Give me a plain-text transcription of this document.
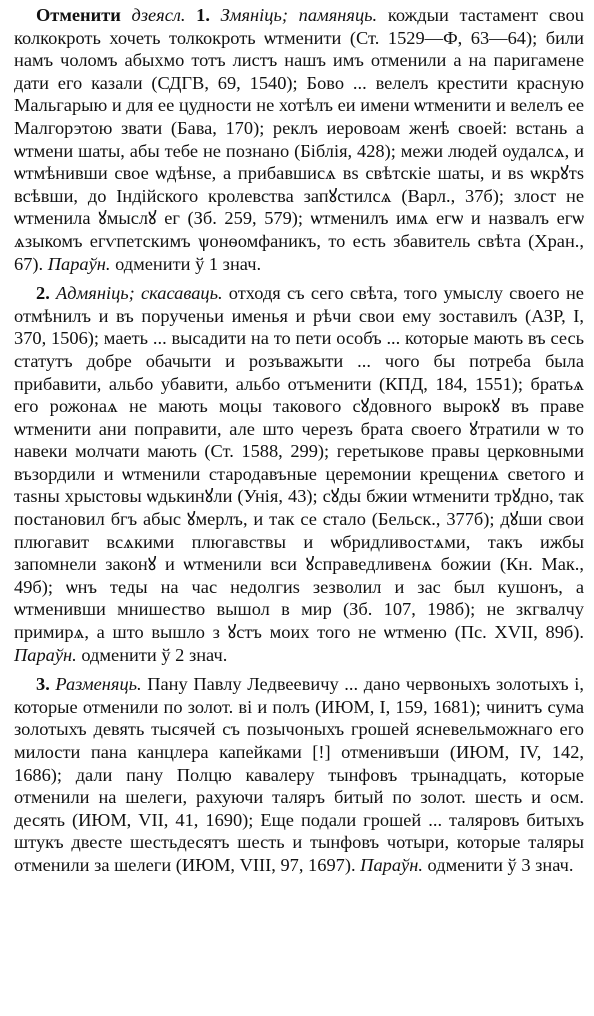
Отменити дзеясл. 1. Змяніць; памяняць. кождыи тастамент своu колкокроть хочеть толкокроть ѡтменити (Ст. 1529—Ф, 63—64); били намъ чоломъ абыхмо тотъ листъ нашъ имъ отменили а на паригамене дати его казали (СДГВ, 69, 1540); Бово ... велелъ крестити красную Мальгарыю и для ее цудности не хотѣлъ еи имени ѡтменити и велелъ ее Малгорэтою звати (Бава, 170); реклъ иеровоам женѣ своей: встань а ѡтмени шаты, абы тебе не познано (Біблія, 428); межи людей оудалсѧ, и ѡтмѣнивши свое ѡдѣнѕe, а прибавшисѧ вѕ свѣтскіе шаты, и вѕ ѡкрꙋтѕ всѣвши, до Індійского кролевства запꙋстилсѧ (Варл., 37б); злост не ѡтменила ꙋмыслꙋ ег (Зб. 259, 579); ѡтменилъ имѧ егѡ и назвалъ егѡ ѧзыкомъ егѵпетскимъ ѱонѳомфаникъ, то есть збавитель свѣта (Хран., 67). Параўн. одменити ў 1 знач.

2. Адмяніць; скасаваць. отходя съ сего свѣта, того умыслу своего не отмѣнилъ и въ порученьи именья и рѣчи свои ему зоставилъ (АЗР, I, 370, 1506); маеть ... высадити на то пети особъ ... которые мають въ сесь статутъ добре обачыти и розъважыти ... чого бы потреба была прибавити, альбо убавити, альбо отъменити (КПД, 184, 1551); братьѧ его рожонаѧ не мають моцы таковогo сꙋдовного вырокꙋ въ праве ѡтменити ани поправити, але што черезъ брата своего ꙋтратили ѡ то навеки молчати мають (Ст. 1588, 299); геретыкове правы церковными възордили и ѡтменили стародавъные церемонии крещениѧ светого и таѕны хрыстовы ѡдькинꙋли (Унія, 43); сꙋды бжии ѡтменити трꙋдно, так постановил бгъ абыс ꙋмерлъ, и так се стало (Бельск., 377б); дꙋши свои плюгавит всѧкими плюгавствы и ѡбридливостѧми, такъ ижбы запомнели законꙋ и ѡтменили вси ꙋсправедливенѧ божии (Кн. Мак., 49б); ѡнъ теды на час недолгиѕ зезволил и зас был кушонъ, а ѡтменивши мнишество вышол в мир (Зб. 107, 198б); не зкгвалчу примирѧ, а што вышло з ꙋстъ моих того не ѡтменю (Пс. XVII, 89б). Параўн. одменити ў 2 знач.

3. Разменяць. Пану Павлу Ледвеевичу ... дано червоныхъ золотыхъ і, которые отменили по золот. ві и полъ (ИЮМ, I, 159, 1681); чинитъ сума золотыхъ девять тысячей съ позычоныхъ грошей ясневельможнагo его милости пана канцлера капейками [!] отменивъши (ИЮМ, IV, 142, 1686); дали пану Полцю кавалеру тынфовъ трынадцать, которые отменили на шелеги, рахуючи таляръ битый по золот. шесть и осм. десять (ИЮМ, VII, 41, 1690); Еще подали грошей ... таляровъ битыхъ штукъ двесте шестьдесятъ шесть и тынфовъ чотыри, которые таляры отменили за шелеги (ИЮМ, VIII, 97, 1697). Параўн. одменити ў 3 знач.
